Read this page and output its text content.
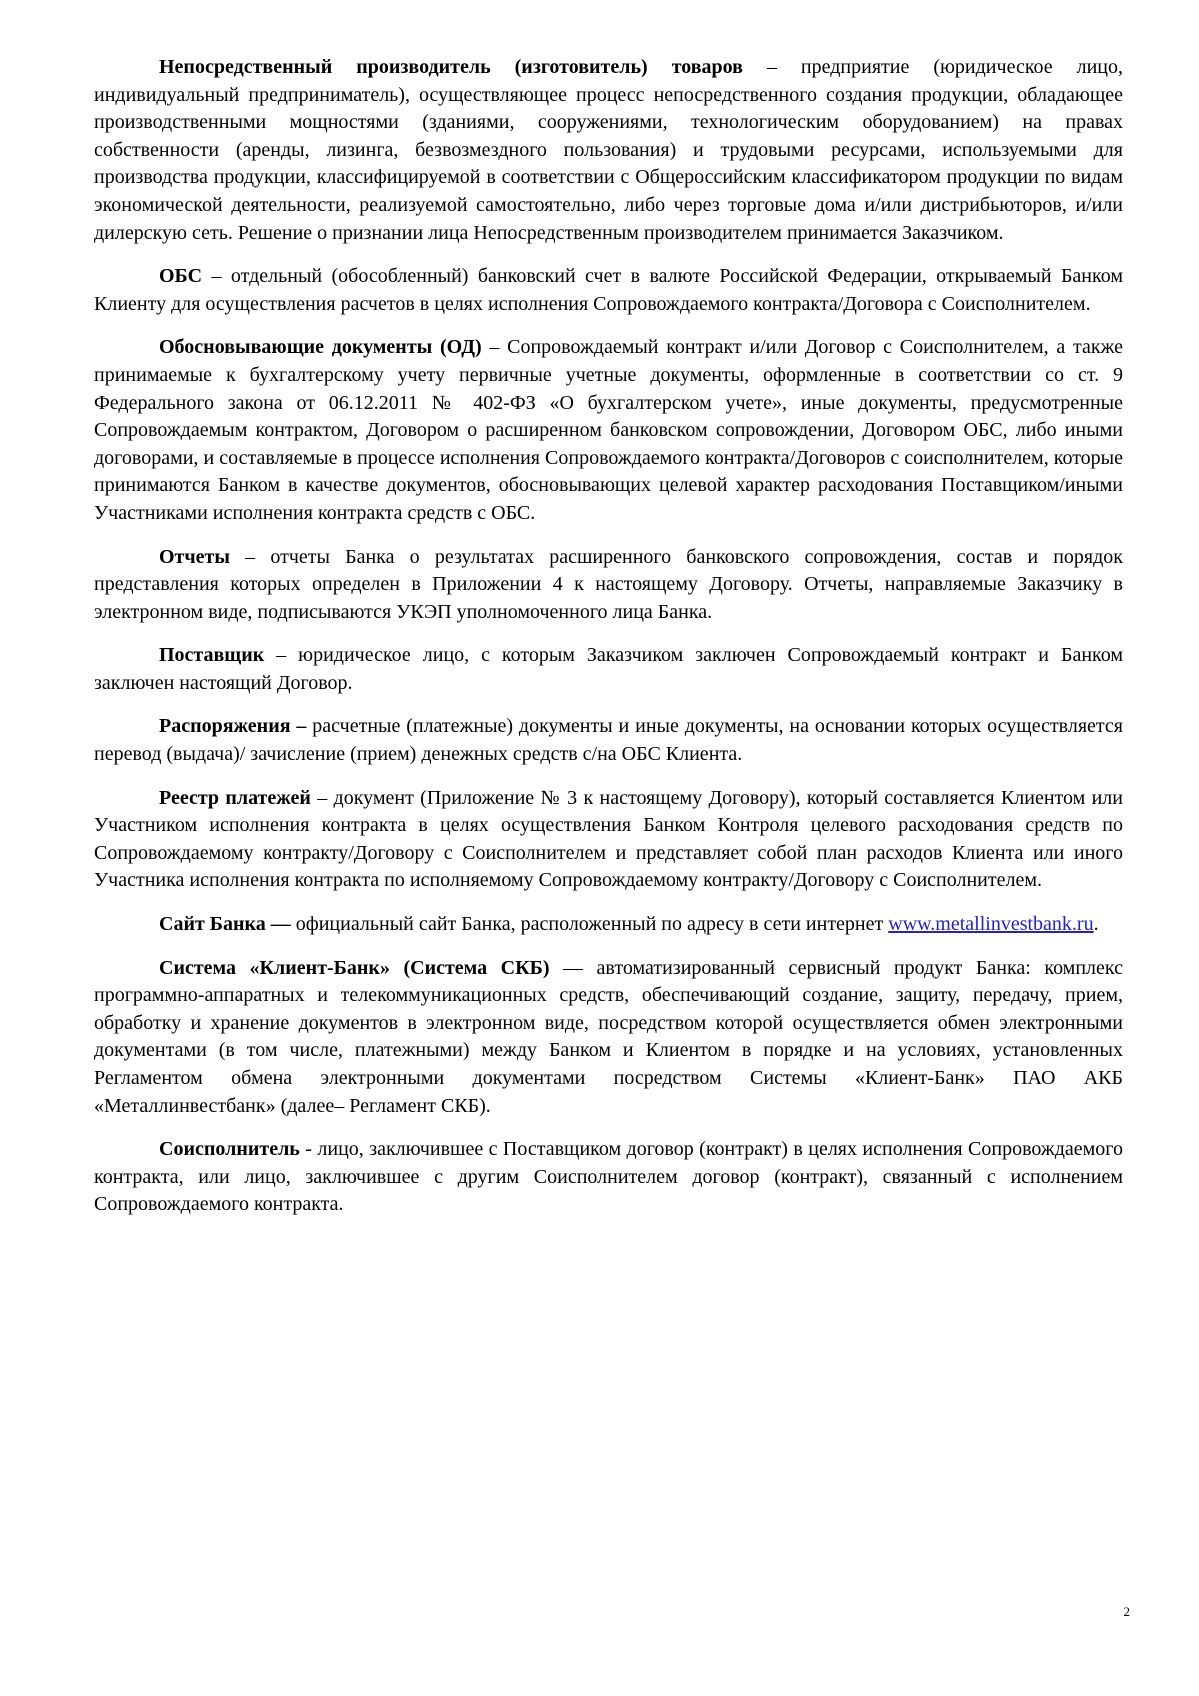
Непосредственный производитель (изготовитель) товаров – предприятие (юридическое лицо, индивидуальный предприниматель), осуществляющее процесс непосредственного создания продукции, обладающее производственными мощностями (зданиями, сооружениями, технологическим оборудованием) на правах собственности (аренды, лизинга, безвозмездного пользования) и трудовыми ресурсами, используемыми для производства продукции, классифицируемой в соответствии с Общероссийским классификатором продукции по видам экономической деятельности, реализуемой самостоятельно, либо через торговые дома и/или дистрибьюторов, и/или дилерскую сеть. Решение о признании лица Непосредственным производителем принимается Заказчиком.

ОБС – отдельный (обособленный) банковский счет в валюте Российской Федерации, открываемый Банком Клиенту для осуществления расчетов в целях исполнения Сопровождаемого контракта/Договора с Соисполнителем.

Обосновывающие документы (ОД) – Сопровождаемый контракт и/или Договор с Соисполнителем, а также принимаемые к бухгалтерскому учету первичные учетные документы, оформленные в соответствии со ст. 9 Федерального закона от 06.12.2011 № 402-ФЗ «О бухгалтерском учете», иные документы, предусмотренные Сопровождаемым контрактом, Договором о расширенном банковском сопровождении, Договором ОБС, либо иными договорами, и составляемые в процессе исполнения Сопровождаемого контракта/Договоров с соисполнителем, которые принимаются Банком в качестве документов, обосновывающих целевой характер расходования Поставщиком/иными Участниками исполнения контракта средств с ОБС.

Отчеты – отчеты Банка о результатах расширенного банковского сопровождения, состав и порядок представления которых определен в Приложении 4 к настоящему Договору. Отчеты, направляемые Заказчику в электронном виде, подписываются УКЭП уполномоченного лица Банка.

Поставщик – юридическое лицо, с которым Заказчиком заключен Сопровождаемый контракт и Банком заключен настоящий Договор.

Распоряжения – расчетные (платежные) документы и иные документы, на основании которых осуществляется перевод (выдача)/ зачисление (прием) денежных средств с/на ОБС Клиента.

Реестр платежей – документ (Приложение № 3 к настоящему Договору), который составляется Клиентом или Участником исполнения контракта в целях осуществления Банком Контроля целевого расходования средств по Сопровождаемому контракту/Договору с Соисполнителем и представляет собой план расходов Клиента или иного Участника исполнения контракта по исполняемому Сопровождаемому контракту/Договору с Соисполнителем.

Сайт Банка — официальный сайт Банка, расположенный по адресу в сети интернет www.metallinvestbank.ru.

Система «Клиент-Банк» (Система СКБ) — автоматизированный сервисный продукт Банка: комплекс программно-аппаратных и телекоммуникационных средств, обеспечивающий создание, защиту, передачу, прием, обработку и хранение документов в электронном виде, посредством которой осуществляется обмен электронными документами (в том числе, платежными) между Банком и Клиентом в порядке и на условиях, установленных Регламентом обмена электронными документами посредством Системы «Клиент-Банк» ПАО АКБ «Металлинвестбанк» (далее– Регламент СКБ).

Соисполнитель - лицо, заключившее с Поставщиком договор (контракт) в целях исполнения Сопровождаемого контракта, или лицо, заключившее с другим Соисполнителем договор (контракт), связанный с исполнением Сопровождаемого контракта.

2
